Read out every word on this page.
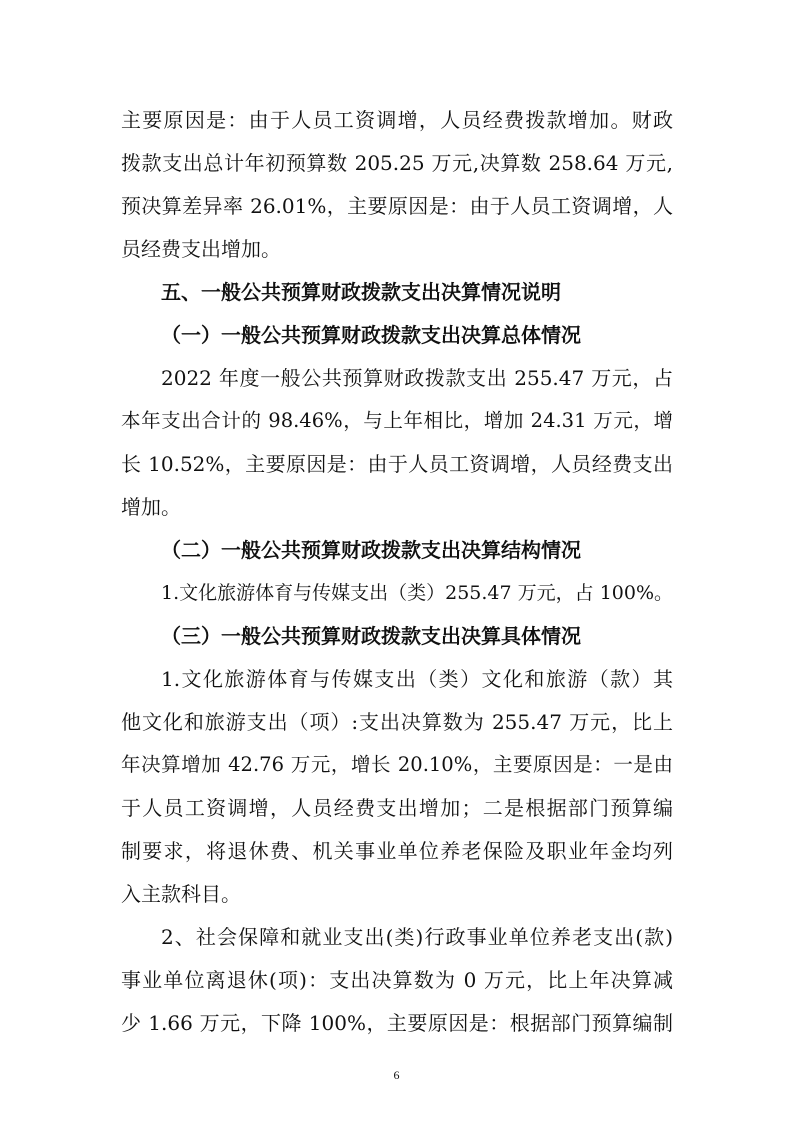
主要原因是：由于人员工资调增，人员经费拨款增加。财政
拨款支出总计年初预算数 205.25 万元,决算数 258.64 万元,
预决算差异率 26.01%，主要原因是：由于人员工资调增，人
员经费支出增加。
五、一般公共预算财政拨款支出决算情况说明
（一）一般公共预算财政拨款支出决算总体情况
2022 年度一般公共预算财政拨款支出 255.47 万元，占
本年支出合计的 98.46%，与上年相比，增加 24.31 万元，增
长 10.52%，主要原因是：由于人员工资调增，人员经费支出
增加。
（二）一般公共预算财政拨款支出决算结构情况
1.文化旅游体育与传媒支出（类）255.47 万元，占 100%。
（三）一般公共预算财政拨款支出决算具体情况
1.文化旅游体育与传媒支出（类）文化和旅游（款）其
他文化和旅游支出（项）:支出决算数为 255.47 万元，比上
年决算增加 42.76 万元，增长 20.10%，主要原因是：一是由
于人员工资调增，人员经费支出增加；二是根据部门预算编
制要求，将退休费、机关事业单位养老保险及职业年金均列
入主款科目。
2、社会保障和就业支出(类)行政事业单位养老支出(款)
事业单位离退休(项)：支出决算数为 0 万元，比上年决算减
少 1.66 万元，下降 100%，主要原因是：根据部门预算编制
6
